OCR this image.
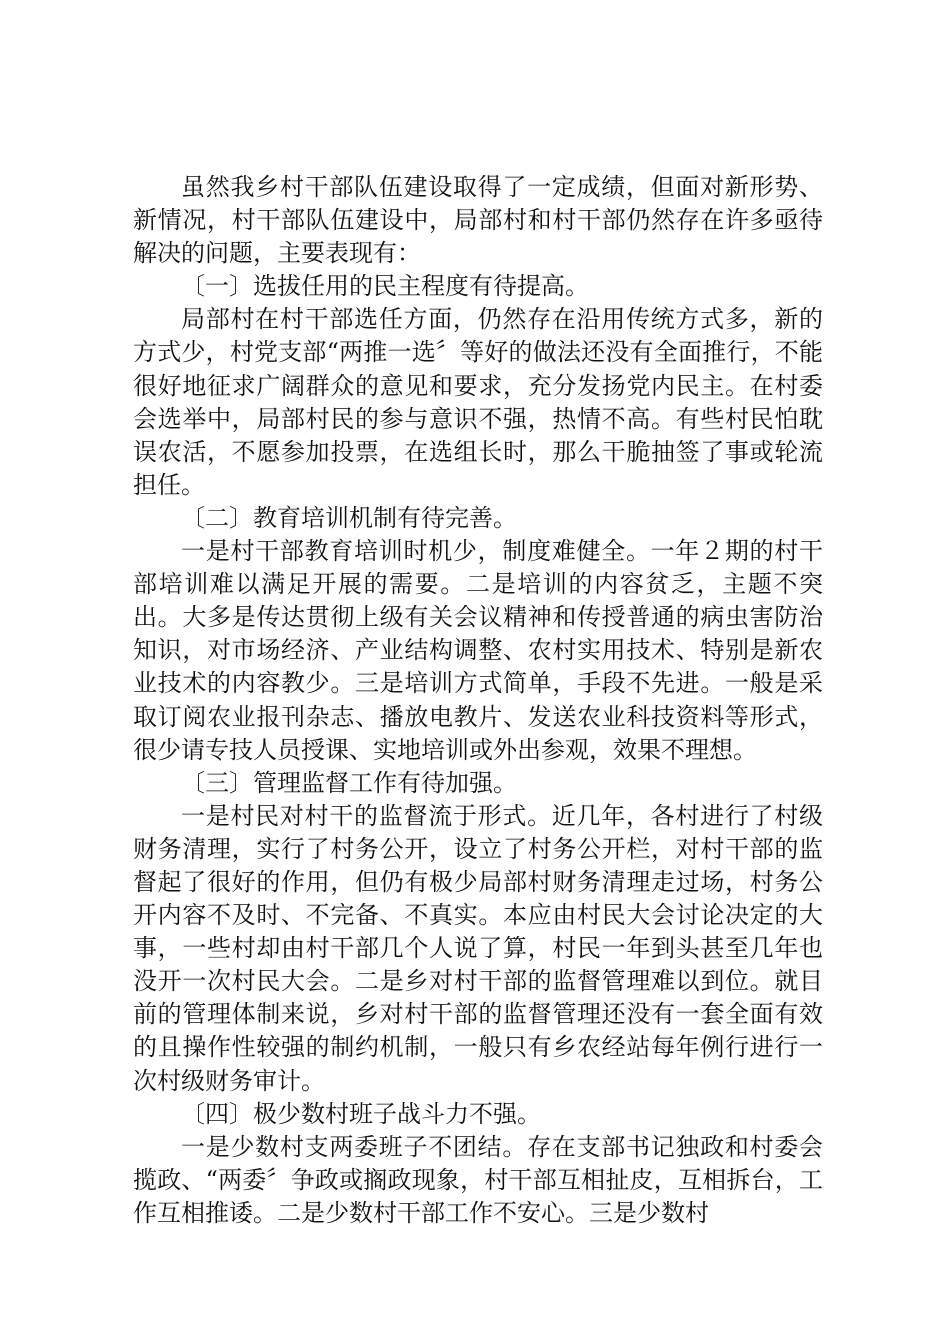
虽然我乡村干部队伍建设取得了一定成绩，但面对新形势、新情况，村干部队伍建设中，局部村和村干部仍然存在许多亟待解决的问题，主要表现有：

〔一〕选拔任用的民主程度有待提高。

局部村在村干部选任方面，仍然存在沿用传统方式多，新的方式少，村党支部“两推一选〞等好的做法还没有全面推行，不能很好地征求广阔群众的意见和要求，充分发扬党内民主。在村委会选举中，局部村民的参与意识不强，热情不高。有些村民怕耽误农活，不愿参加投票，在选组长时，那么干脆抽签了事或轮流担任。

〔二〕教育培训机制有待完善。

一是村干部教育培训时机少，制度难健全。一年２期的村干部培训难以满足开展的需要。二是培训的内容贫乏，主题不突出。大多是传达贯彻上级有关会议精神和传授普通的病虫害防治知识，对市场经济、产业结构调整、农村实用技术、特别是新农业技术的内容教少。三是培训方式简单，手段不先进。一般是采取订阅农业报刊杂志、播放电教片、发送农业科技资料等形式，很少请专技人员授课、实地培训或外出参观，效果不理想。

〔三〕管理监督工作有待加强。

一是村民对村干的监督流于形式。近几年，各村进行了村级财务清理，实行了村务公开，设立了村务公开栏，对村干部的监督起了很好的作用，但仍有极少局部村财务清理走过场，村务公开内容不及时、不完备、不真实。本应由村民大会讨论决定的大事，一些村却由村干部几个人说了算，村民一年到头甚至几年也没开一次村民大会。二是乡对村干部的监督管理难以到位。就目前的管理体制来说，乡对村干部的监督管理还没有一套全面有效的且操作性较强的制约机制，一般只有乡农经站每年例行进行一次村级财务审计。

〔四〕极少数村班子战斗力不强。

一是少数村支两委班子不团结。存在支部书记独政和村委会揽政、“两委〞争政或搁政现象，村干部互相扯皮，互相拆台，工作互相推诿。二是少数村干部工作不安心。三是少数村
